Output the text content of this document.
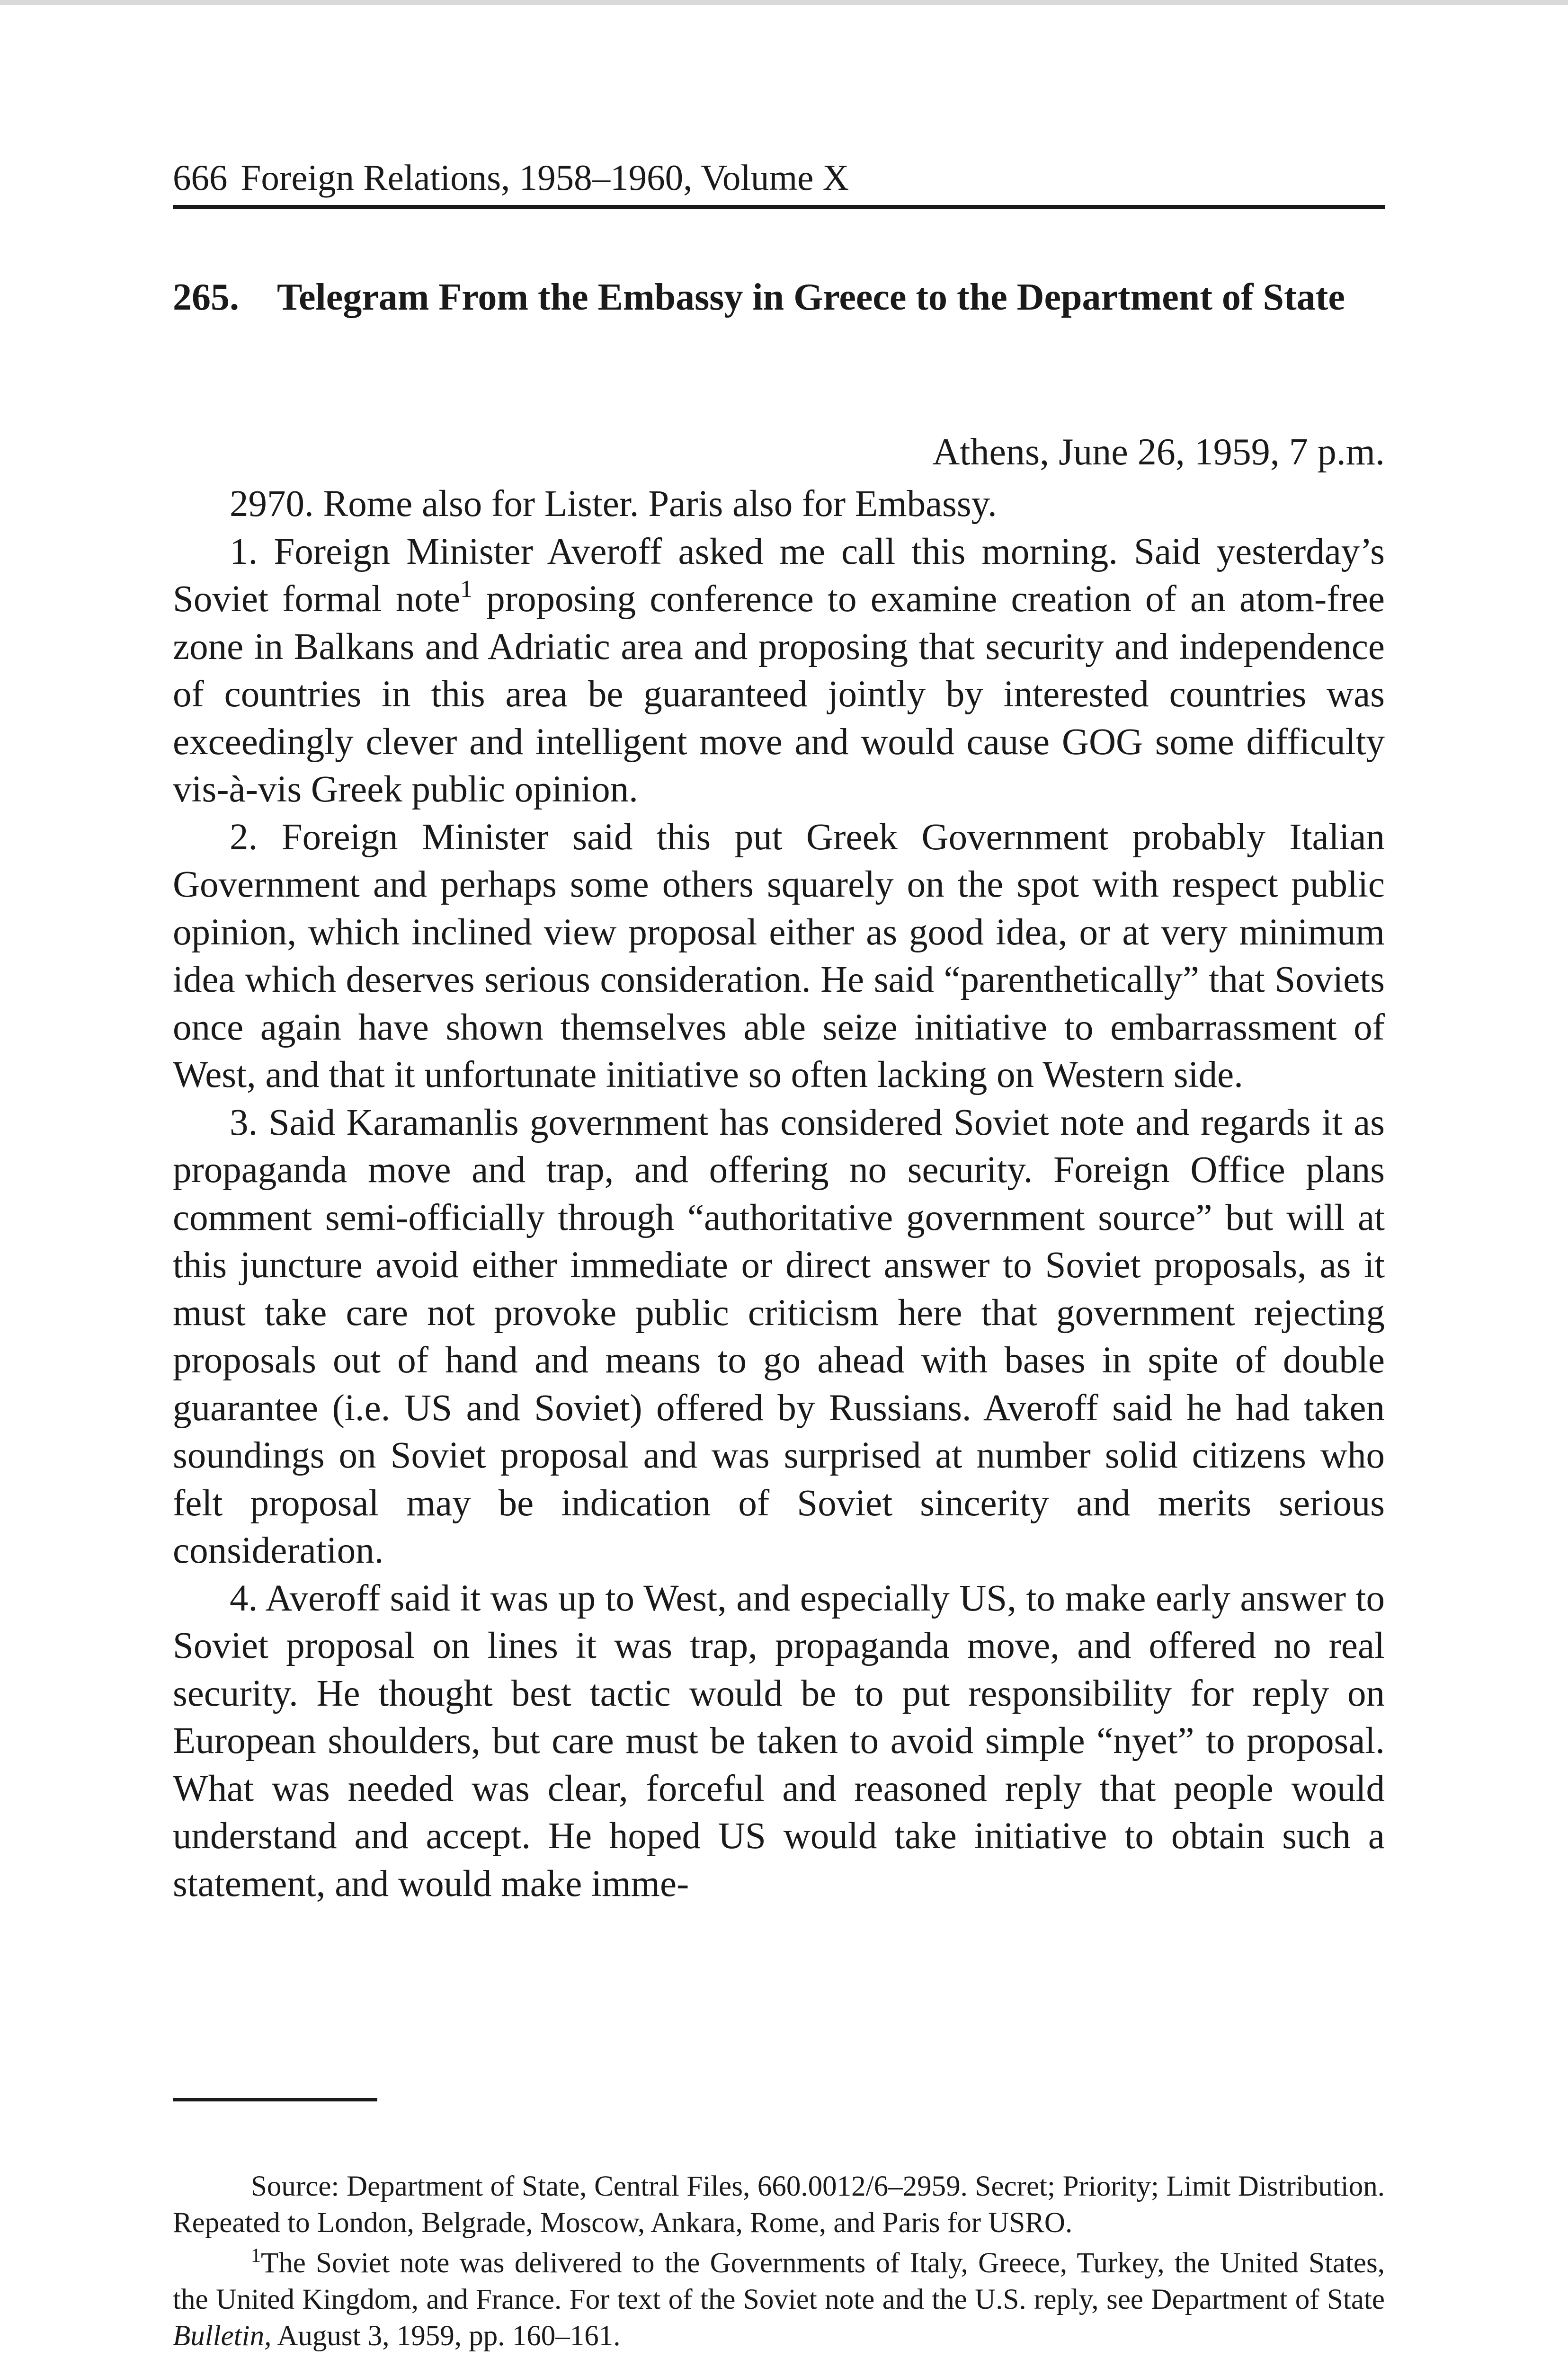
666 Foreign Relations, 1958–1960, Volume X
265. Telegram From the Embassy in Greece to the Department of State
Athens, June 26, 1959, 7 p.m.

2970. Rome also for Lister. Paris also for Embassy.

1. Foreign Minister Averoff asked me call this morning. Said yesterday’s Soviet formal note$^1$ proposing conference to examine creation of an atom-free zone in Balkans and Adriatic area and proposing that security and independence of countries in this area be guaranteed jointly by interested countries was exceedingly clever and intelligent move and would cause GOG some difficulty vis-à-vis Greek public opinion.

2. Foreign Minister said this put Greek Government probably Italian Government and perhaps some others squarely on the spot with respect public opinion, which inclined view proposal either as good idea, or at very minimum idea which deserves serious consideration. He said “parenthetically” that Soviets once again have shown themselves able seize initiative to embarrassment of West, and that it unfortunate initiative so often lacking on Western side.

3. Said Karamanlis government has considered Soviet note and regards it as propaganda move and trap, and offering no security. Foreign Office plans comment semi-officially through “authoritative government source” but will at this juncture avoid either immediate or direct answer to Soviet proposals, as it must take care not provoke public criticism here that government rejecting proposals out of hand and means to go ahead with bases in spite of double guarantee (i.e. US and Soviet) offered by Russians. Averoff said he had taken soundings on Soviet proposal and was surprised at number solid citizens who felt proposal may be indication of Soviet sincerity and merits serious consideration.

4. Averoff said it was up to West, and especially US, to make early answer to Soviet proposal on lines it was trap, propaganda move, and offered no real security. He thought best tactic would be to put responsibility for reply on European shoulders, but care must be taken to avoid simple “nyet” to proposal. What was needed was clear, forceful and reasoned reply that people would understand and accept. He hoped US would take initiative to obtain such a statement, and would make imme-

Source: Department of State, Central Files, 660.0012/6–2959. Secret; Priority; Limit Distribution. Repeated to London, Belgrade, Moscow, Ankara, Rome, and Paris for USRO.

$^1$The Soviet note was delivered to the Governments of Italy, Greece, Turkey, the United States, the United Kingdom, and France. For text of the Soviet note and the U.S. reply, see Department of State Bulletin, August 3, 1959, pp. 160–161.
